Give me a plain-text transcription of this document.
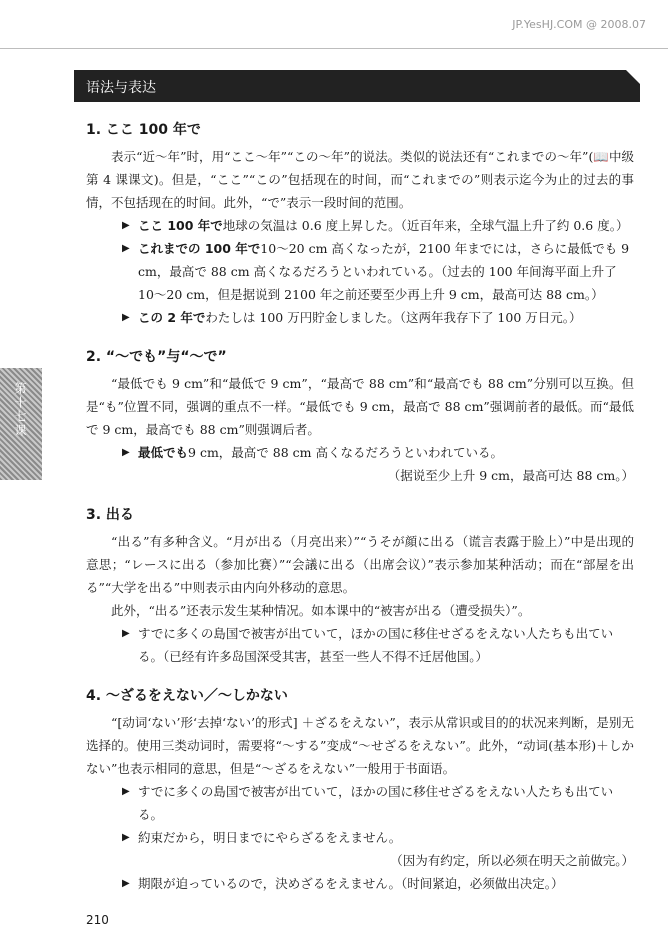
JP.YesHJ.COM @ 2008.07
语法与表达
第十七课

1. ここ 100 年で

表示“近～年”时，用“ここ～年”“この～年”的说法。类似的说法还有“これまでの～年”(📖中级第 4 课课文)。但是，“ここ”“この”包括现在的时间，而“これまでの”则表示迄今为止的过去的事情，不包括现在的时间。此外，“で”表示一段时间的范围。

▶ ここ 100 年で地球の気温は 0.6 度上昇した。（近百年来，全球气温上升了约 0.6 度。）
▶ これまでの 100 年で10～20 cm 高くなったが，2100 年までには，さらに最低でも 9 cm，最高で 88 cm 高くなるだろうといわれている。（过去的 100 年间海平面上升了 10～20 cm，但是据说到 2100 年之前还要至少再上升 9 cm，最高可达 88 cm。）
▶ この 2 年でわたしは 100 万円貯金しました。（这两年我存下了 100 万日元。）

2. “～でも”与“～で”

“最低でも 9 cm”和“最低で 9 cm”，“最高で 88 cm”和“最高でも 88 cm”分别可以互换。但是“も”位置不同，强调的重点不一样。“最低でも 9 cm，最高で 88 cm”强调前者的最低。而“最低で 9 cm，最高でも 88 cm”则强调后者。

▶ 最低でも9 cm，最高で 88 cm 高くなるだろうといわれている。

（据说至少上升 9 cm，最高可达 88 cm。）

3. 出る

“出る”有多种含义。“月が出る（月亮出来）”“うそが顔に出る（谎言表露于脸上）”中是出现的意思；“レースに出る（参加比赛）”“会議に出る（出席会议）”表示参加某种活动；而在“部屋を出る”“大学を出る”中则表示由内向外移动的意思。

此外，“出る”还表示发生某种情况。如本课中的“被害が出る（遭受损失）”。

▶ すでに多くの島国で被害が出ていて，ほかの国に移住せざるをえない人たちも出ている。（已经有许多岛国深受其害，甚至一些人不得不迁居他国。）

4. ～ざるをえない／～しかない

“[动词‘ない’形‘去掉‘ない’的形式] ＋ざるをえない”，表示从常识或目的的状况来判断，是别无选择的。使用三类动词时，需要将“～する”变成“～せざるをえない”。此外，“动词(基本形)＋しかない”也表示相同的意思，但是“～ざるをえない”一般用于书面语。

▶ すでに多くの島国で被害が出ていて，ほかの国に移住せざるをえない人たちも出ている。
▶ 約束だから，明日までにやらざるをえません。

（因为有约定，所以必须在明天之前做完。）

▶ 期限が迫っているので，決めざるをえません。（时间紧迫，必须做出决定。）
210
